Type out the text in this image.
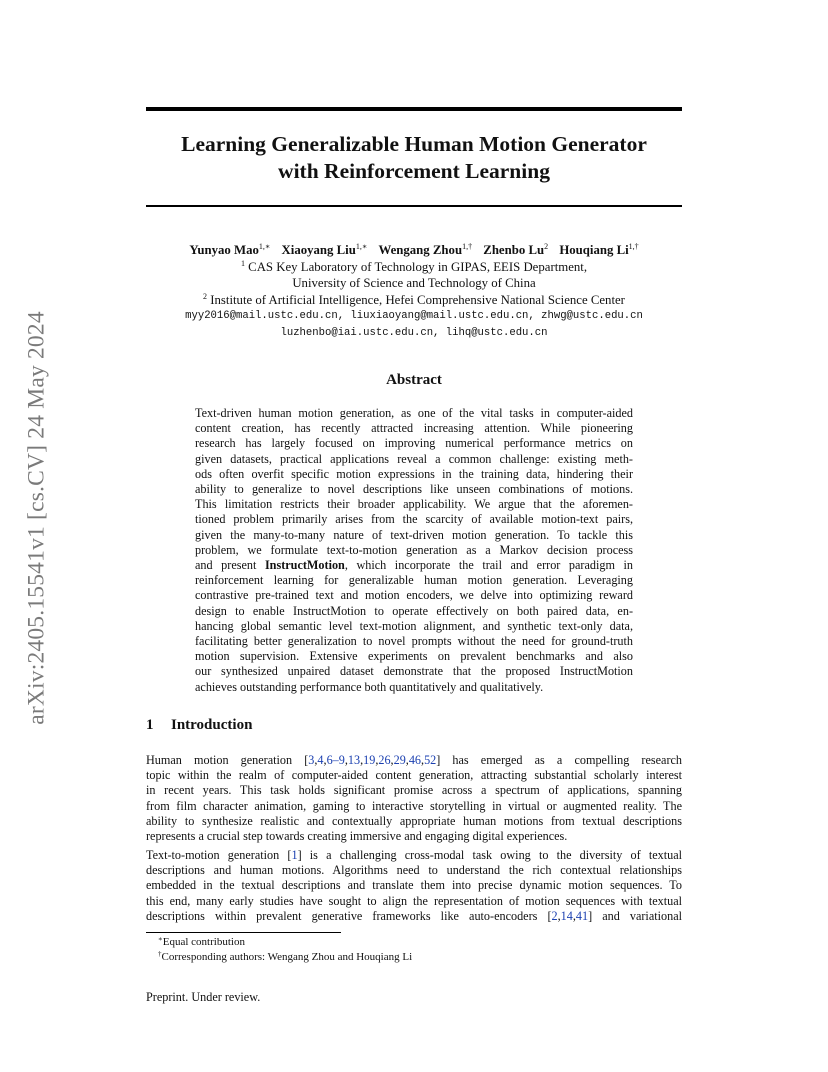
arXiv:2405.15541v1 [cs.CV] 24 May 2024
Learning Generalizable Human Motion Generator
with Reinforcement Learning
Yunyao Mao$^{1,∗}$ Xiaoyang Liu$^{1,∗}$ Wengang Zhou$^{1,\dagger}$ Zhenbo Lu$^2$ Houqiang $Li^{1,\dagger}$
$^1$ CAS Key Laboratory of Technology in GIPAS, EEIS Department,
University of Science and Technology of China
$^2$ Institute of Artificial Intelligence, Hefei Comprehensive National Science Center
myy2016@mail.ustc.edu.cn, liuxiaoyang@mail.ustc.edu.cn, zhwg@ustc.edu.cn
luzhenbo@iai.ustc.edu.cn, lihq@ustc.edu.cn
Abstract
Text-driven human motion generation, as one of the vital tasks in computer-aided
content creation, has recently attracted increasing attention. While pioneering
research has largely focused on improving numerical performance metrics on
given datasets, practical applications reveal a common challenge: existing meth-
ods often overfit specific motion expressions in the training data, hindering their
ability to generalize to novel descriptions like unseen combinations of motions.
This limitation restricts their broader applicability. We argue that the aforemen-
tioned problem primarily arises from the scarcity of available motion-text pairs,
given the many-to-many nature of text-driven motion generation. To tackle this
problem, we formulate text-to-motion generation as a Markov decision process
and present InstructMotion, which incorporate the trail and error paradigm in
reinforcement learning for generalizable human motion generation. Leveraging
contrastive pre-trained text and motion encoders, we delve into optimizing reward
design to enable InstructMotion to operate effectively on both paired data, en-
hancing global semantic level text-motion alignment, and synthetic text-only data,
facilitating better generalization to novel prompts without the need for ground-truth
motion supervision. Extensive experiments on prevalent benchmarks and also
our synthesized unpaired dataset demonstrate that the proposed InstructMotion
achieves outstanding performance both quantitatively and qualitatively.
1 Introduction
Human motion generation [3,4,6–9,13,19,26,29,46,52] has emerged as a compelling research
topic within the realm of computer-aided content generation, attracting substantial scholarly interest
in recent years. This task holds significant promise across a spectrum of applications, spanning
from film character animation, gaming to interactive storytelling in virtual or augmented reality. The
ability to synthesize realistic and contextually appropriate human motions from textual descriptions
represents a crucial step towards creating immersive and engaging digital experiences.
Text-to-motion generation [1] is a challenging cross-modal task owing to the diversity of textual
descriptions and human motions. Algorithms need to understand the rich contextual relationships
embedded in the textual descriptions and translate them into precise dynamic motion sequences. To
this end, many early studies have sought to align the representation of motion sequences with textual
descriptions within prevalent generative frameworks like auto-encoders [2,14,41] and variational
∗Equal contribution
†Corresponding authors: Wengang Zhou and Houqiang Li
Preprint. Under review.
